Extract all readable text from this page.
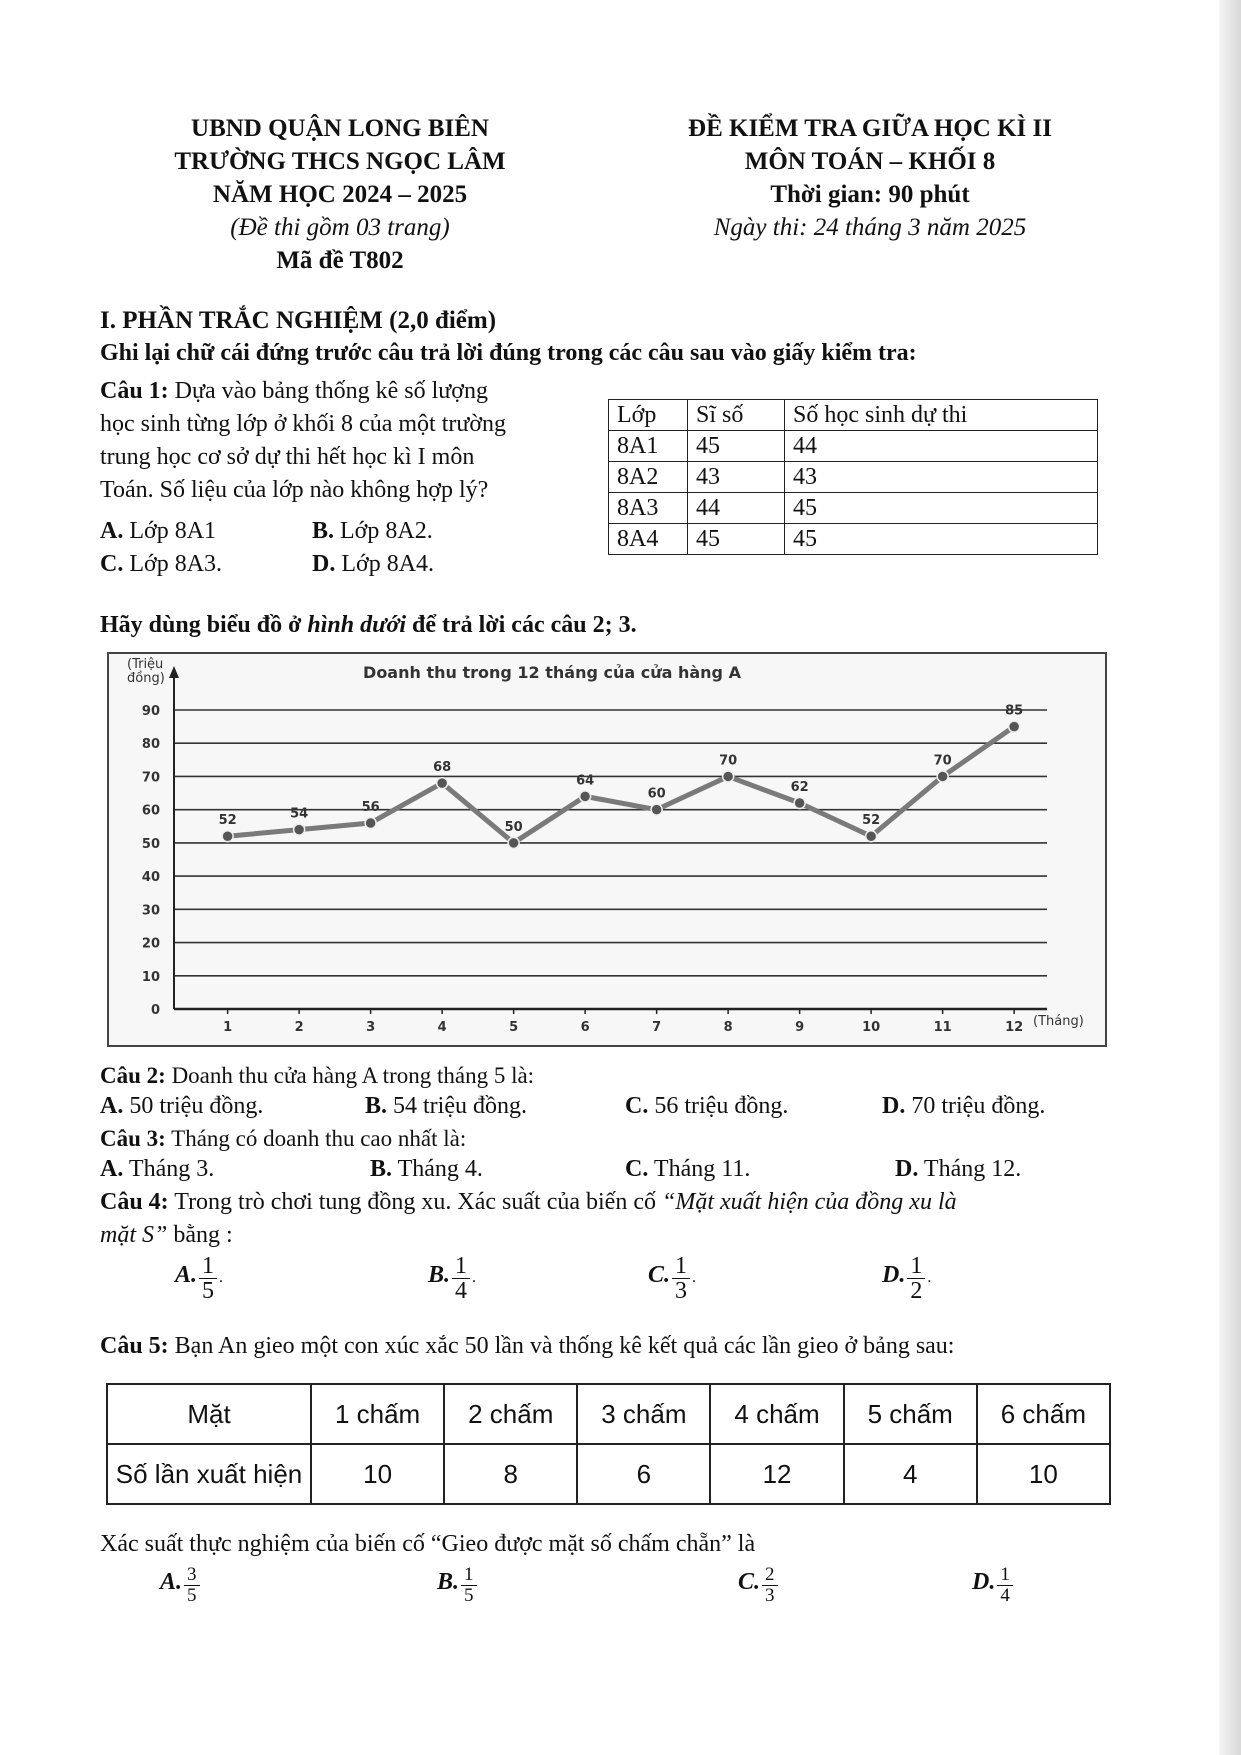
UBND QUẬN LONG BIÊN
TRƯỜNG THCS NGỌC LÂM
NĂM HỌC 2024 – 2025
(Đề thi gồm 03 trang)
Mã đề T802
ĐỀ KIỂM TRA GIỮA HỌC KÌ II
MÔN TOÁN – KHỐI 8
Thời gian: 90 phút
Ngày thi: 24 tháng 3 năm 2025
I. PHẦN TRẮC NGHIỆM (2,0 điểm)
Ghi lại chữ cái đứng trước câu trả lời đúng trong các câu sau vào giấy kiểm tra:
Câu 1: Dựa vào bảng thống kê số lượng
học sinh từng lớp ở khối 8 của một trường
trung học cơ sở dự thi hết học kì I môn
Toán. Số liệu của lớp nào không hợp lý?
A. Lớp 8A1	B. Lớp 8A2.
C. Lớp 8A3.	D. Lớp 8A4.
Lớp	Sĩ số	Số học sinh dự thi
8A1	45	44
8A2	43	43
8A3	44	45
8A4	45	45
Hãy dùng biểu đồ ở hình dưới để trả lời các câu 2; 3.
0
10
20
30
40
50
60
70
80
90
1	2	3	4	5	6	7	8	9	10	11	12
52	54	56
68
50
64
60
70
62
52
70
85
Doanh thu trong 12 tháng của cửa hàng A
(Triệu
đồng)
(Tháng)
Câu 2: Doanh thu cửa hàng A trong tháng 5 là:
A. 50 triệu đồng.	B. 54 triệu đồng.	C. 56 triệu đồng.	D. 70 triệu đồng.
Câu 3: Tháng có doanh thu cao nhất là:
A. Tháng 3.	B. Tháng 4.	C. Tháng 11.	D. Tháng 12.
Câu 4: Trong trò chơi tung đồng xu. Xác suất của biến cố “Mặt xuất hiện của đồng xu là
mặt S” bằng :
A. $\frac{1}{5}$ .	B. $\frac{1}{4}$ .	C. $\frac{1}{3}$ .	D. $\frac{1}{2}$ .
Câu 5: Bạn An gieo một con xúc xắc 50 lần và thống kê kết quả các lần gieo ở bảng sau:
Mặt	1 chấm	2 chấm	3 chấm	4 chấm	5 chấm	6 chấm
Số lần xuất hiện	10	8	6	12	4	10
Xác suất thực nghiệm của biến cố “Gieo được mặt số chấm chẵn” là
A. $\frac{3}{5}$	B. $\frac{1}{5}$	C. $\frac{2}{3}$	D. $\frac{1}{4}$
